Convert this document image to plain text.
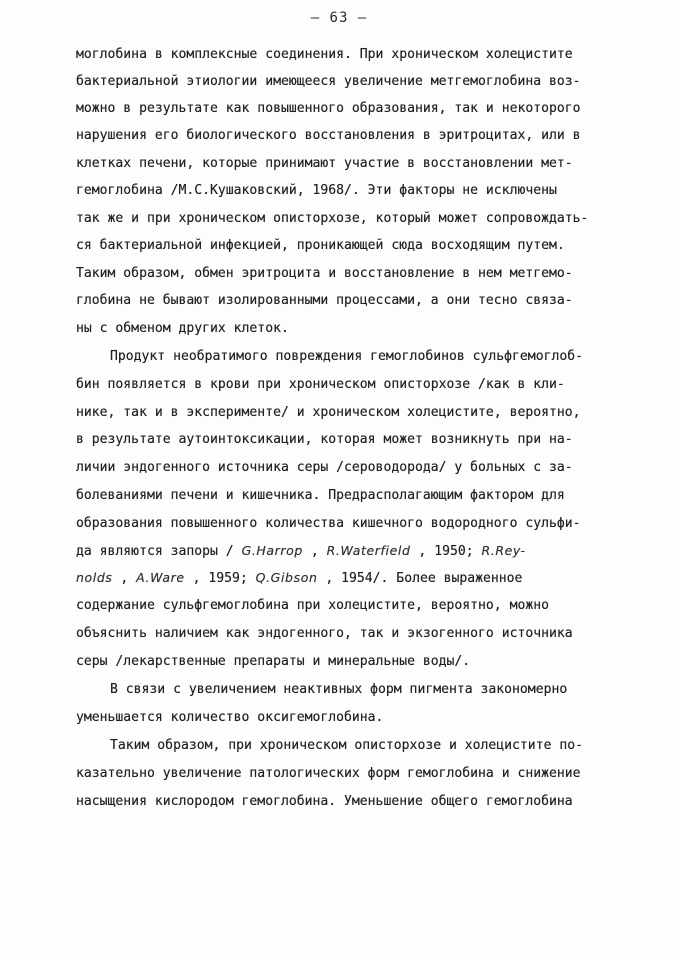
– 63 –
моглобина в комплексные соединения. При хроническом холецистите
бактериальной этиологии имеющееся увеличение метгемоглобина воз-
можно в результате как повышенного образования, так и некоторого
нарушения его биологического восстановления в эритроцитах, или в
клетках печени, которые принимают участие в восстановлении мет-
гемоглобина /М.С.Кушаковский, 1968/. Эти факторы не исключены
так же и при хроническом описторхозе, который может сопровождать-
ся бактериальной инфекцией, проникающей сюда восходящим путем.
Таким образом, обмен эритроцита и восстановление в нем метгемо-
глобина не бывают изолированными процессами, а они тесно связа-
ны с обменом других клеток.
Продукт необратимого повреждения гемоглобинов сульфгемоглоб-
бин появляется в крови при хроническом описторхозе /как в кли-
нике, так и в эксперименте/ и хроническом холецистите, вероятно,
в результате аутоинтоксикации, которая может возникнуть при на-
личии эндогенного источника серы /сероводорода/ у больных с за-
болеваниями печени и кишечника. Предрасполагающим фактором для
образования повышенного количества кишечного водородного сульфи-
да являются запоры / G.Harrop , R.Waterfield , 1950; R.Rey-
nolds , A.Ware , 1959; Q.Gibson , 1954/. Более выраженное
содержание сульфгемоглобина при холецистите, вероятно, можно
объяснить наличием как эндогенного, так и экзогенного источника
серы /лекарственные препараты и минеральные воды/.
В связи с увеличением неактивных форм пигмента закономерно
уменьшается количество оксигемоглобина.
Таким образом, при хроническом описторхозе и холецистите по-
казательно увеличение патологических форм гемоглобина и снижение
насыщения кислородом гемоглобина. Уменьшение общего гемоглобина
